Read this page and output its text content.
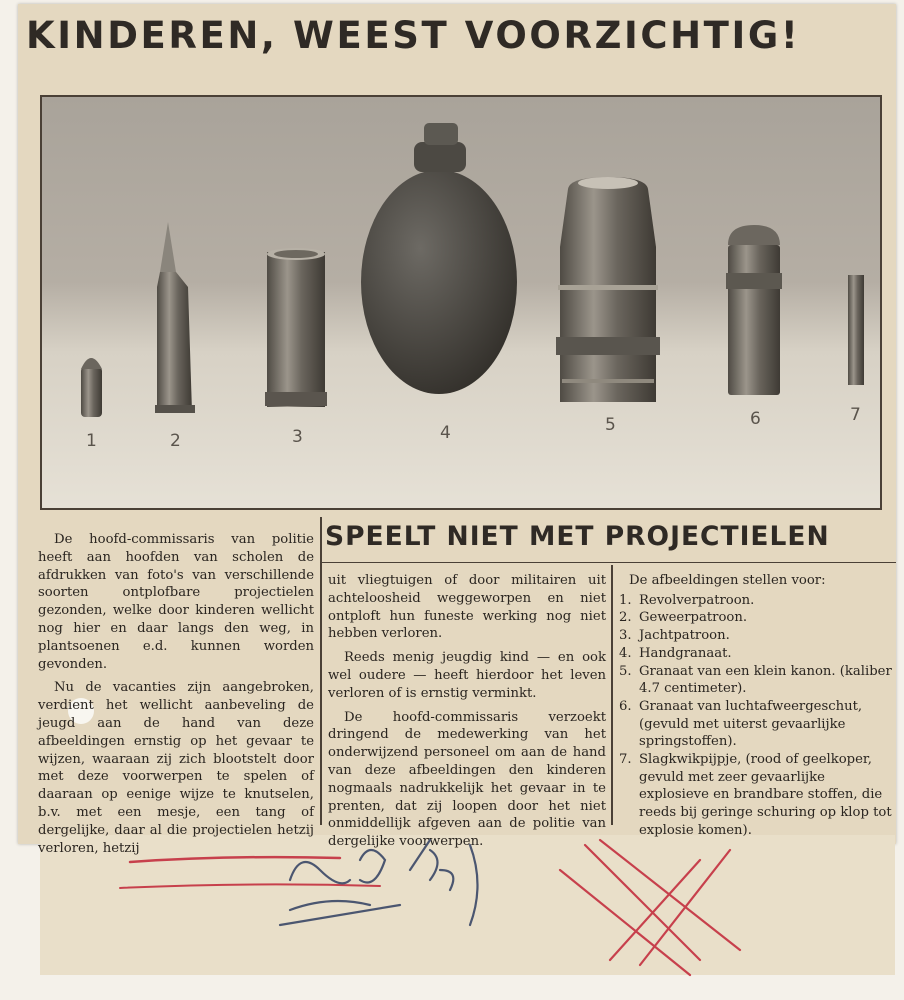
KINDEREN, WEEST VOORZICHTIG!
1	2	3	4	5	6	7
SPEELT NIET MET PROJECTIELEN

De hoofd-commissaris van politie heeft aan hoofden van scholen de afdrukken van foto's van verschillende soorten ontplofbare projectielen gezonden, welke door kinderen wellicht nog hier en daar langs den weg, in plantsoenen e.d. kunnen worden gevonden.

Nu de vacanties zijn aangebroken, verdient het wellicht aanbeveling de jeugd aan de hand van deze afbeeldingen ernstig op het gevaar te wijzen, waaraan zij zich blootstelt door met deze voorwerpen te spelen of daaraan op eenige wijze te knutselen, b.v. met een mesje, een tang of dergelijke, daar al die projectielen hetzij verloren, hetzij

uit vliegtuigen of door militairen uit achteloosheid weggeworpen en niet ontploft hun funeste werking nog niet hebben verloren.

Reeds menig jeugdig kind — en ook wel oudere — heeft hierdoor het leven verloren of is ernstig verminkt.

De hoofd-commissaris verzoekt dringend de medewerking van het onderwijzend personeel om aan de hand van deze afbeeldingen den kinderen nogmaals nadrukkelijk het gevaar in te prenten, dat zij loopen door het niet onmiddellijk afgeven aan de politie van dergelijke voorwerpen.

De afbeeldingen stellen voor:

1. Revolverpatroon.
2. Geweerpatroon.
3. Jachtpatroon.
4. Handgranaat.
5. Granaat van een klein kanon. (kaliber 4.7 centimeter).
6. Granaat van luchtafweergeschut, (gevuld met uiterst gevaarlijke springstoffen).
7. Slagkwikpijpje, (rood of geelkoper, gevuld met zeer gevaarlijke explosieve en brandbare stoffen, die reeds bij geringe schuring op klop tot explosie komen).
